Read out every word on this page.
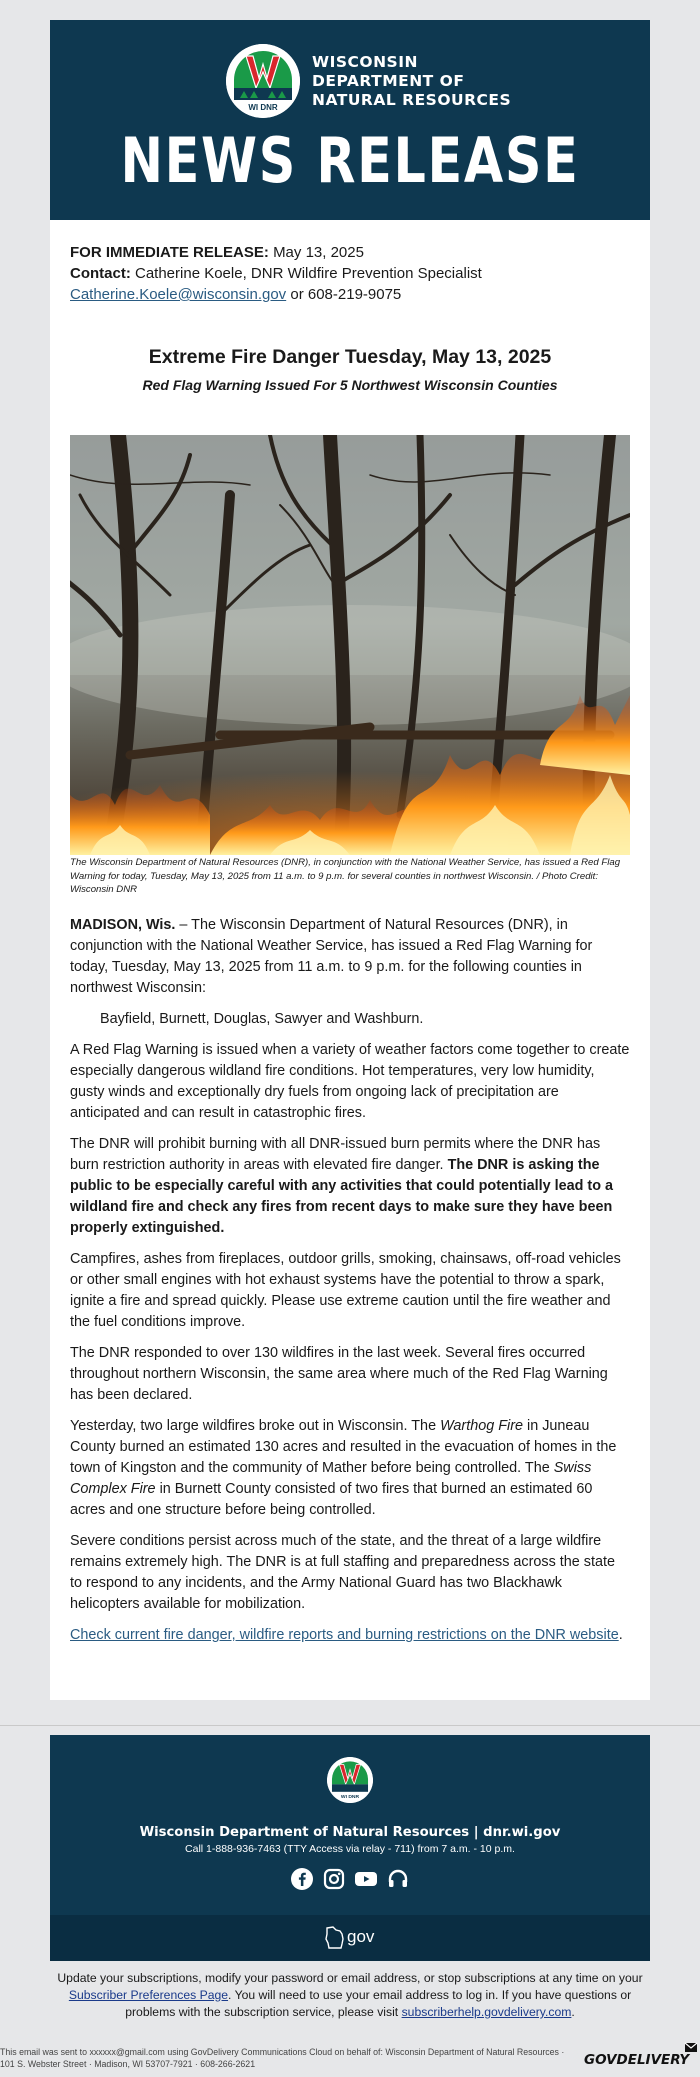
WI DNR
WISCONSIN
DEPARTMENT OF
NATURAL RESOURCES
NEWS RELEASE
FOR IMMEDIATE RELEASE: May 13, 2025
Contact: Catherine Koele, DNR Wildfire Prevention Specialist
Catherine.Koele@wisconsin.gov or 608-219-9075
Extreme Fire Danger Tuesday, May 13, 2025
Red Flag Warning Issued For 5 Northwest Wisconsin Counties
The Wisconsin Department of Natural Resources (DNR), in conjunction with the National Weather Service, has issued a Red Flag Warning for today, Tuesday, May 13, 2025 from 11 a.m. to 9 p.m. for several counties in northwest Wisconsin. / Photo Credit: Wisconsin DNR

MADISON, Wis. – The Wisconsin Department of Natural Resources (DNR), in conjunction with the National Weather Service, has issued a Red Flag Warning for today, Tuesday, May 13, 2025 from 11 a.m. to 9 p.m. for the following counties in northwest Wisconsin:

Bayfield, Burnett, Douglas, Sawyer and Washburn.

A Red Flag Warning is issued when a variety of weather factors come together to create especially dangerous wildland fire conditions. Hot temperatures, very low humidity, gusty winds and exceptionally dry fuels from ongoing lack of precipitation are anticipated and can result in catastrophic fires.

The DNR will prohibit burning with all DNR-issued burn permits where the DNR has burn restriction authority in areas with elevated fire danger. The DNR is asking the public to be especially careful with any activities that could potentially lead to a wildland fire and check any fires from recent days to make sure they have been properly extinguished.

Campfires, ashes from fireplaces, outdoor grills, smoking, chainsaws, off-road vehicles or other small engines with hot exhaust systems have the potential to throw a spark, ignite a fire and spread quickly. Please use extreme caution until the fire weather and the fuel conditions improve.

The DNR responded to over 130 wildfires in the last week. Several fires occurred throughout northern Wisconsin, the same area where much of the Red Flag Warning has been declared.

Yesterday, two large wildfires broke out in Wisconsin. The Warthog Fire in Juneau County burned an estimated 130 acres and resulted in the evacuation of homes in the town of Kingston and the community of Mather before being controlled. The Swiss Complex Fire in Burnett County consisted of two fires that burned an estimated 60 acres and one structure before being controlled.

Severe conditions persist across much of the state, and the threat of a large wildfire remains extremely high. The DNR is at full staffing and preparedness across the state to respond to any incidents, and the Army National Guard has two Blackhawk helicopters available for mobilization.

Check current fire danger, wildfire reports and burning restrictions on the DNR website.

WI DNR
Wisconsin Department of Natural Resources | dnr.wi.gov
Call 1-888-936-7463 (TTY Access via relay - 711) from 7 a.m. - 10 p.m.
gov
Update your subscriptions, modify your password or email address, or stop subscriptions at any time on your Subscriber Preferences Page. You will need to use your email address to log in. If you have questions or problems with the subscription service, please visit subscriberhelp.govdelivery.com.
This email was sent to xxxxxx@gmail.com using GovDelivery Communications Cloud on behalf of: Wisconsin Department of Natural Resources · 101 S. Webster Street · Madison, WI 53707-7921 · 608-266-2621	GOVDELIVERY
